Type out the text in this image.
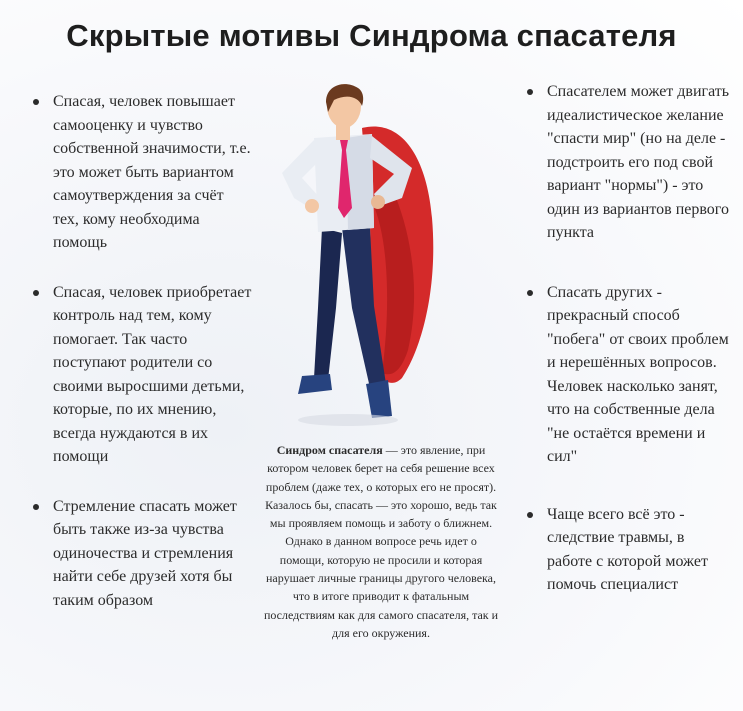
Скрытые мотивы Синдрома спасателя
Спасая, человек повышает самооценку и чувство собственной значимости, т.е. это может быть вариантом самоутверждения за счёт тех, кому необходима помощь
Спасая, человек приобретает контроль над тем, кому помогает. Так часто поступают родители со своими выросшими детьми, которые, по их мнению, всегда нуждаются в их помощи
Стремление спасать может быть также из-за чувства одиночества и стремления найти себе друзей хотя бы таким образом
Спасателем может двигать идеалистическое желание "спасти мир" (но на деле - подстроить его под свой вариант "нормы") - это один из вариантов первого пункта
Спасать других - прекрасный способ "побега" от своих проблем и нерешённых вопросов. Человек насколько занят, что на собственные дела "не остаётся времени и сил"
Чаще всего всё это - следствие травмы, в работе с которой может помочь специалист
Синдром спасателя — это явление, при котором человек берет на себя решение всех проблем (даже тех, о которых его не просят). Казалось бы, спасать — это хорошо, ведь так мы проявляем помощь и заботу о ближнем. Однако в данном вопросе речь идет о помощи, которую не просили и которая нарушает личные границы другого человека, что в итоге приводит к фатальным последствиям как для самого спасателя, так и для его окружения.
